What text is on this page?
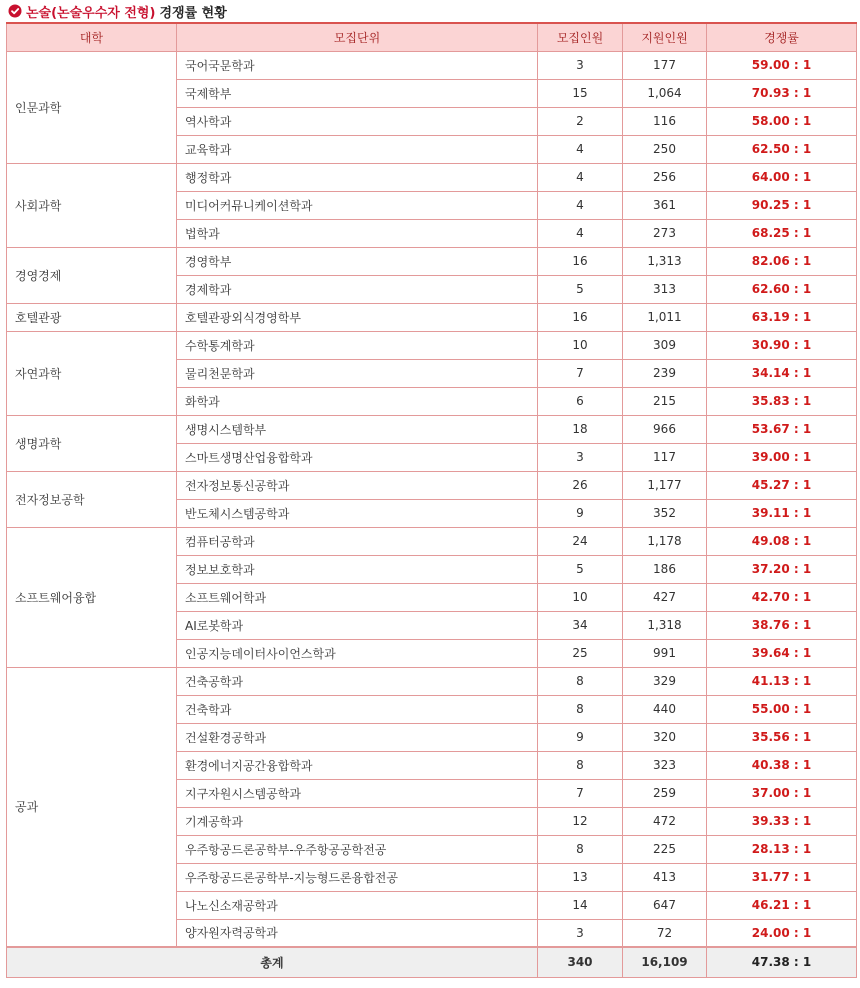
논술(논술우수자 전형) 경쟁률 현황
대학	모집단위	모집인원	지원인원	경쟁률
인문과학	국어국문학과	3	177	59.00 : 1
	국제학부	15	1,064	70.93 : 1
	역사학과	2	116	58.00 : 1
	교육학과	4	250	62.50 : 1
사회과학	행정학과	4	256	64.00 : 1
	미디어커뮤니케이션학과	4	361	90.25 : 1
	법학과	4	273	68.25 : 1
경영경제	경영학부	16	1,313	82.06 : 1
	경제학과	5	313	62.60 : 1
호텔관광	호텔관광외식경영학부	16	1,011	63.19 : 1
자연과학	수학통계학과	10	309	30.90 : 1
	물리천문학과	7	239	34.14 : 1
	화학과	6	215	35.83 : 1
생명과학	생명시스템학부	18	966	53.67 : 1
	스마트생명산업융합학과	3	117	39.00 : 1
전자정보공학	전자정보통신공학과	26	1,177	45.27 : 1
	반도체시스템공학과	9	352	39.11 : 1
소프트웨어융합	컴퓨터공학과	24	1,178	49.08 : 1
	정보보호학과	5	186	37.20 : 1
	소프트웨어학과	10	427	42.70 : 1
	AI로봇학과	34	1,318	38.76 : 1
	인공지능데이터사이언스학과	25	991	39.64 : 1
공과	건축공학과	8	329	41.13 : 1
	건축학과	8	440	55.00 : 1
	건설환경공학과	9	320	35.56 : 1
	환경에너지공간융합학과	8	323	40.38 : 1
	지구자원시스템공학과	7	259	37.00 : 1
	기계공학과	12	472	39.33 : 1
	우주항공드론공학부-우주항공공학전공	8	225	28.13 : 1
	우주항공드론공학부-지능형드론융합전공	13	413	31.77 : 1
	나노신소재공학과	14	647	46.21 : 1
	양자원자력공학과	3	72	24.00 : 1
총계		340	16,109	47.38 : 1
